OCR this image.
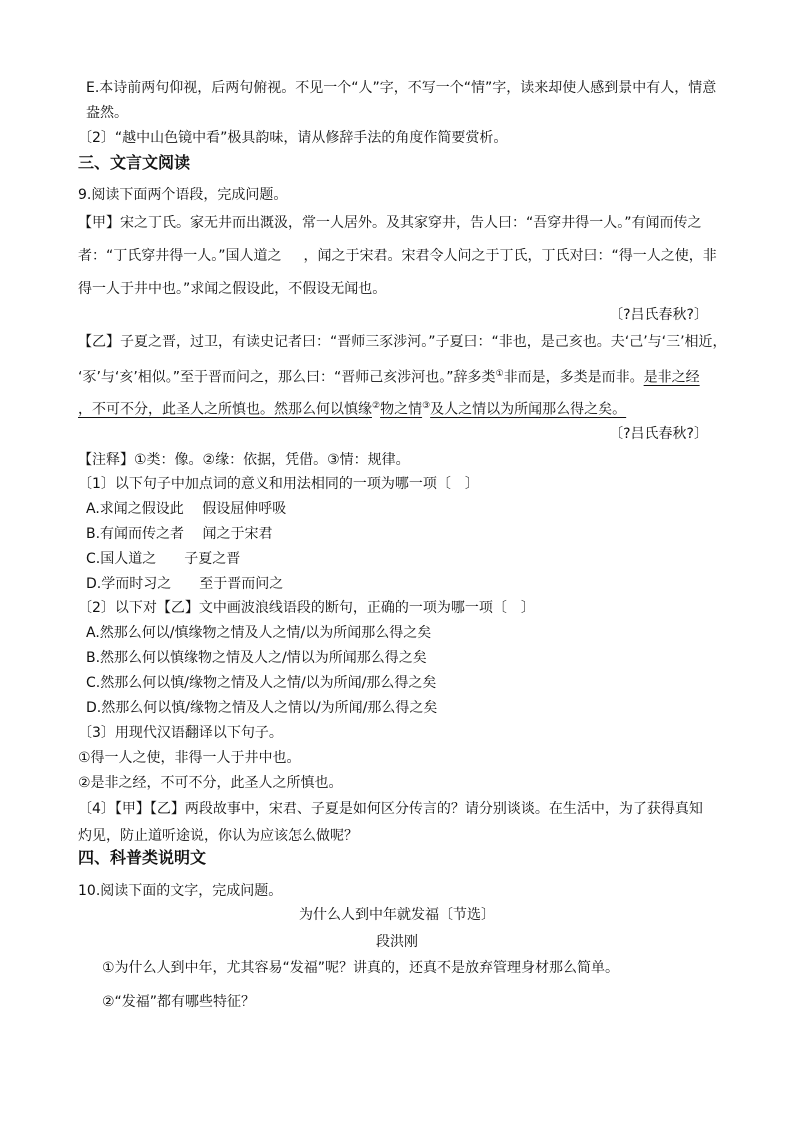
E.本诗前两句仰视，后两句俯视。不见一个“人”字，不写一个“情”字，读来却使人感到景中有人，情意
盎然。
〔2〕“越中山色镜中看”极具韵味，请从修辞手法的角度作简要赏析。
三、文言文阅读
9.阅读下面两个语段，完成问题。
【甲】宋之丁氏。家无井而出溉汲，常一人居外。及其家穿井，告人曰：“吾穿井得一人。”有闻而传之
者：“丁氏穿井得一人。”国人道之 ，闻之于宋君。宋君令人问之于丁氏，丁氏对曰：“得一人之使，非
得一人于井中也。”求闻之假设此，不假设无闻也。
〔?吕氏春秋?〕
【乙】子夏之晋，过卫，有读史记者曰：“晋师三豕涉河。”子夏曰：“非也，是己亥也。夫‘己’与‘三’相近，
‘豕’与‘亥’相似。”至于晋而问之，那么曰：“晋师己亥涉河也。”辞多类①非而是，多类是而非。是非之经
，不可不分，此圣人之所慎也。然那么何以慎缘②物之情③及人之情以为所闻那么得之矣。
〔?吕氏春秋?〕
【注释】①类：像。②缘：依据，凭借。③情：规律。
〔1〕以下句子中加点词的意义和用法相同的一项为哪一项〔　〕
A.求闻之假设此　 假设屈伸呼吸
B.有闻而传之者　 闻之于宋君
C.国人道之　　子夏之晋
D.学而时习之　　至于晋而问之
〔2〕以下对【乙】文中画波浪线语段的断句，正确的一项为哪一项〔　〕
A.然那么何以/慎缘物之情及人之情/以为所闻那么得之矣
B.然那么何以慎缘物之情及人之/情以为所闻那么得之矣
C.然那么何以慎/缘物之情及人之情/以为所闻/那么得之矣
D.然那么何以慎/缘物之情及人之情以/为所闻/那么得之矣
〔3〕用现代汉语翻译以下句子。
①得一人之使，非得一人于井中也。
②是非之经，不可不分，此圣人之所慎也。
〔4〕【甲】【乙】两段故事中，宋君、子夏是如何区分传言的？请分别谈谈。在生活中，为了获得真知
灼见，防止道听途说，你认为应该怎么做呢？
四、科普类说明文
10.阅读下面的文字，完成问题。
为什么人到中年就发福〔节选〕
段洪刚
①为什么人到中年，尤其容易“发福”呢？讲真的，还真不是放弃管理身材那么简单。
②“发福”都有哪些特征？
